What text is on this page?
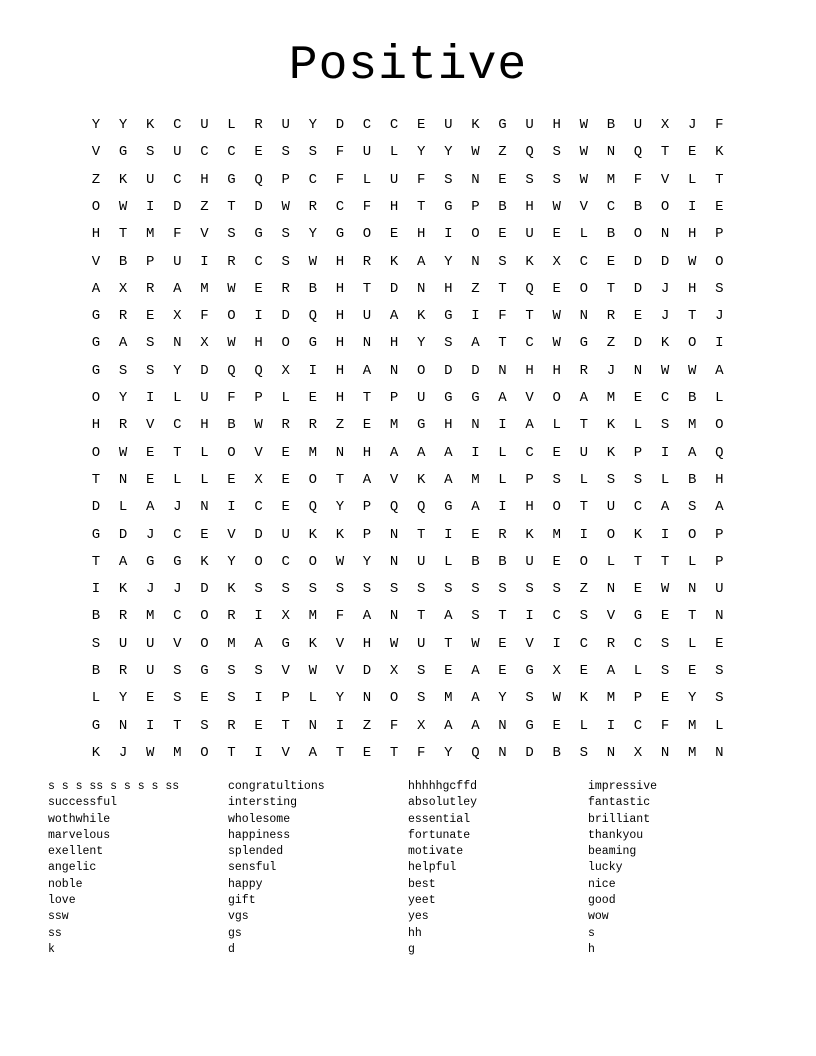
Positive
Y	Y	K	C	U	L	R	U	Y	D	C	C	E	U	K	G	U	H	W	B	U	X	J	F
V	G	S	U	C	C	E	S	S	F	U	L	Y	Y	W	Z	Q	S	W	N	Q	T	E	K
Z	K	U	C	H	G	Q	P	C	F	L	U	F	S	N	E	S	S	W	M	F	V	L	T
O	W	I	D	Z	T	D	W	R	C	F	H	T	G	P	B	H	W	V	C	B	O	I	E
H	T	M	F	V	S	G	S	Y	G	O	E	H	I	O	E	U	E	L	B	O	N	H	P
V	B	P	U	I	R	C	S	W	H	R	K	A	Y	N	S	K	X	C	E	D	D	W	O
A	X	R	A	M	W	E	R	B	H	T	D	N	H	Z	T	Q	E	O	T	D	J	H	S
G	R	E	X	F	O	I	D	Q	H	U	A	K	G	I	F	T	W	N	R	E	J	T	J
G	A	S	N	X	W	H	O	G	H	N	H	Y	S	A	T	C	W	G	Z	D	K	O	I
G	S	S	Y	D	Q	Q	X	I	H	A	N	O	D	D	N	H	H	R	J	N	W	W	A
O	Y	I	L	U	F	P	L	E	H	T	P	U	G	G	A	V	O	A	M	E	C	B	L
H	R	V	C	H	B	W	R	R	Z	E	M	G	H	N	I	A	L	T	K	L	S	M	O
O	W	E	T	L	O	V	E	M	N	H	A	A	A	I	L	C	E	U	K	P	I	A	Q
T	N	E	L	L	E	X	E	O	T	A	V	K	A	M	L	P	S	L	S	S	L	B	H
D	L	A	J	N	I	C	E	Q	Y	P	Q	Q	G	A	I	H	O	T	U	C	A	S	A
G	D	J	C	E	V	D	U	K	K	P	N	T	I	E	R	K	M	I	O	K	I	O	P
T	A	G	G	K	Y	O	C	O	W	Y	N	U	L	B	B	U	E	O	L	T	T	L	P
I	K	J	J	D	K	S	S	S	S	S	S	S	S	S	S	S	S	Z	N	E	W	N	U
B	R	M	C	O	R	I	X	M	F	A	N	T	A	S	T	I	C	S	V	G	E	T	N
S	U	U	V	O	M	A	G	K	V	H	W	U	T	W	E	V	I	C	R	C	S	L	E
B	R	U	S	G	S	S	V	W	V	D	X	S	E	A	E	G	X	E	A	L	S	E	S
L	Y	E	S	E	S	I	P	L	Y	N	O	S	M	A	Y	S	W	K	M	P	E	Y	S
G	N	I	T	S	R	E	T	N	I	Z	F	X	A	A	N	G	E	L	I	C	F	M	L
K	J	W	M	O	T	I	V	A	T	E	T	F	Y	Q	N	D	B	S	N	X	N	M	N
s s s ss s s s s ss
successful
wothwhile
marvelous
exellent
angelic
noble
love
ssw
ss
k
congratultions
intersting
wholesome
happiness
splended
sensful
happy
gift
vgs
gs
d
hhhhhgcffd
absolutley
essential
fortunate
motivate
helpful
best
yeet
yes
hh
g
impressive
fantastic
brilliant
thankyou
beaming
lucky
nice
good
wow
s
h
